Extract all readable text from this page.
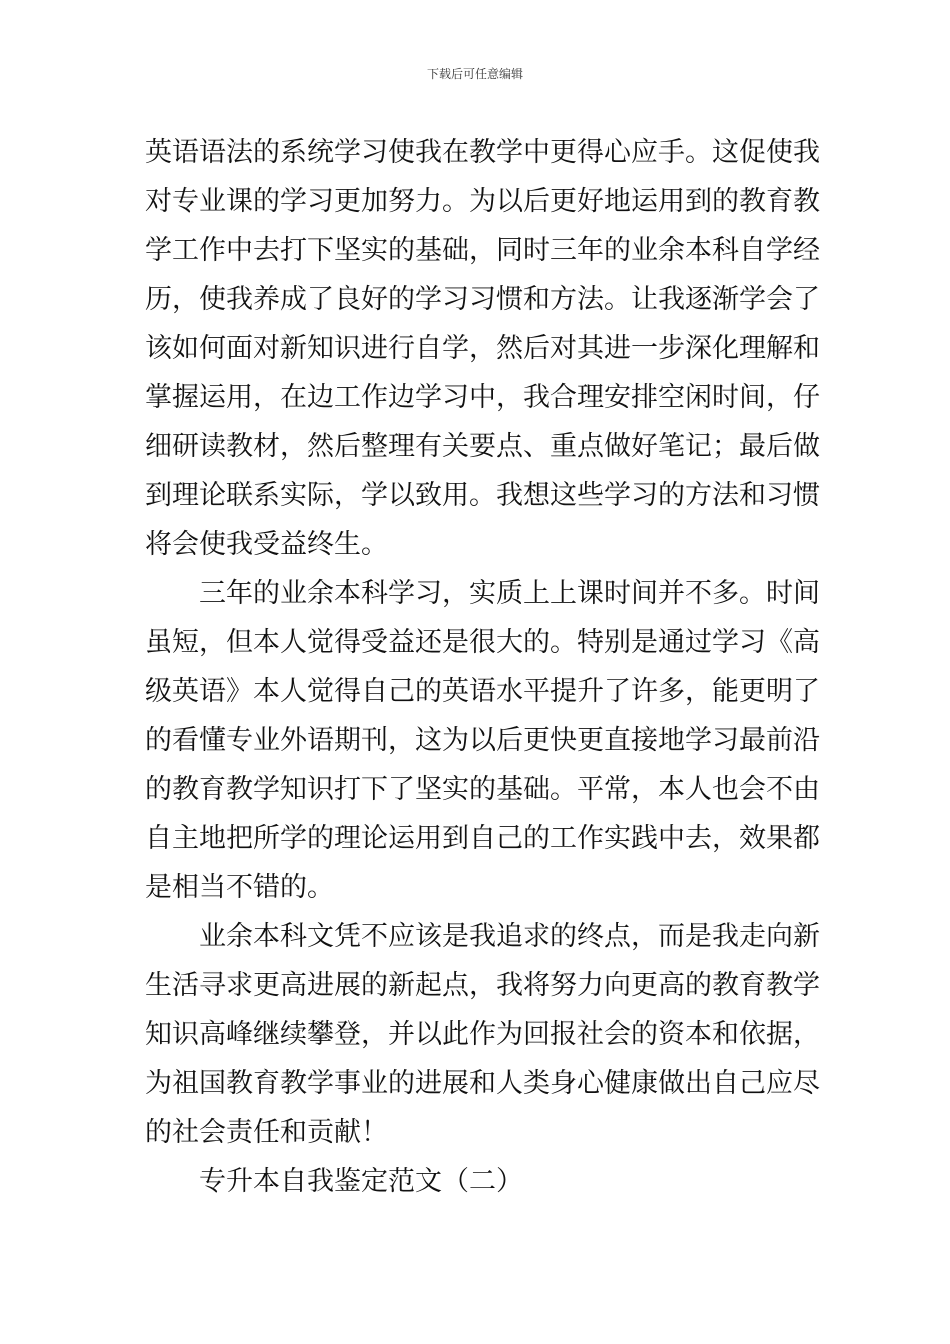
下载后可任意编辑
英语语法的系统学习使我在教学中更得心应手。这促使我
对专业课的学习更加努力。为以后更好地运用到的教育教
学工作中去打下坚实的基础，同时三年的业余本科自学经
历，使我养成了良好的学习习惯和方法。让我逐渐学会了
该如何面对新知识进行自学，然后对其进一步深化理解和
掌握运用，在边工作边学习中，我合理安排空闲时间，仔
细研读教材，然后整理有关要点、重点做好笔记；最后做
到理论联系实际，学以致用。我想这些学习的方法和习惯
将会使我受益终生。
三年的业余本科学习，实质上上课时间并不多。时间
虽短，但本人觉得受益还是很大的。特别是通过学习《高
级英语》本人觉得自己的英语水平提升了许多，能更明了
的看懂专业外语期刊，这为以后更快更直接地学习最前沿
的教育教学知识打下了坚实的基础。平常，本人也会不由
自主地把所学的理论运用到自己的工作实践中去，效果都
是相当不错的。
业余本科文凭不应该是我追求的终点，而是我走向新
生活寻求更高进展的新起点，我将努力向更高的教育教学
知识高峰继续攀登，并以此作为回报社会的资本和依据，
为祖国教育教学事业的进展和人类身心健康做出自己应尽
的社会责任和贡献！
专升本自我鉴定范文（二）
